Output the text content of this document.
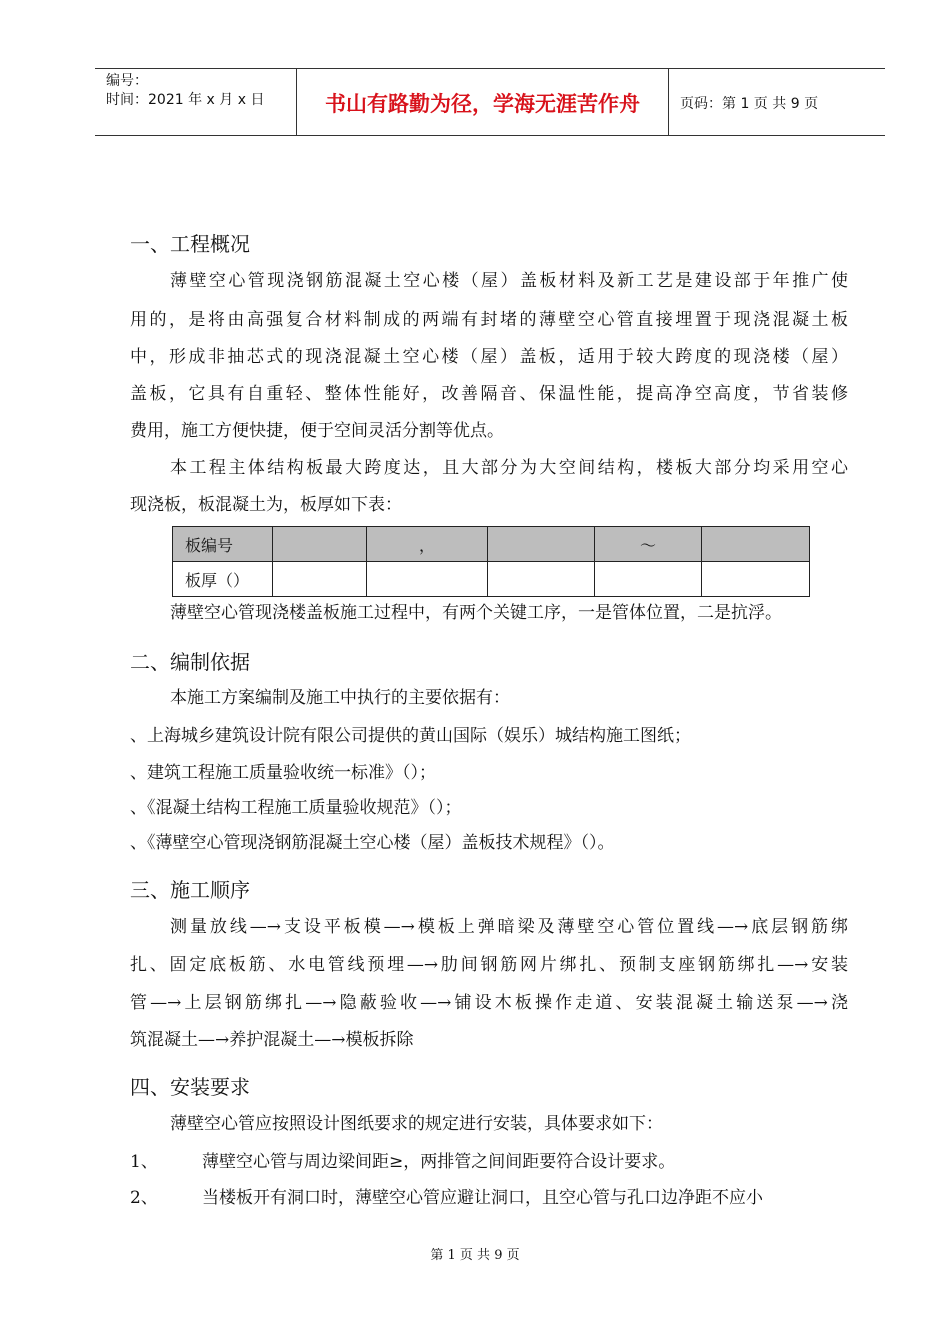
编号：
时间：2021 年 x 月 x 日	书山有路勤为径，学海无涯苦作舟	页码：第 1 页 共 9 页
一、工程概况
薄壁空心管现浇钢筋混凝土空心楼（屋）盖板材料及新工艺是建设部于年推广使
用的，是将由高强复合材料制成的两端有封堵的薄壁空心管直接埋置于现浇混凝土板
中，形成非抽芯式的现浇混凝土空心楼（屋）盖板，适用于较大跨度的现浇楼（屋）
盖板，它具有自重轻、整体性能好，改善隔音、保温性能，提高净空高度，节省装修
费用，施工方便快捷，便于空间灵活分割等优点。
本工程主体结构板最大跨度达，且大部分为大空间结构，楼板大部分均采用空心
现浇板，板混凝土为，板厚如下表：
板编号		，		～	
板厚（）					
薄壁空心管现浇楼盖板施工过程中，有两个关键工序，一是管体位置，二是抗浮。
二、编制依据
本施工方案编制及施工中执行的主要依据有：
、上海城乡建筑设计院有限公司提供的黄山国际（娱乐）城结构施工图纸；
、建筑工程施工质量验收统一标准》（）；
、《混凝土结构工程施工质量验收规范》（）；
、《薄壁空心管现浇钢筋混凝土空心楼（屋）盖板技术规程》（）。
三、施工顺序
测量放线—→支设平板模—→模板上弹暗梁及薄壁空心管位置线—→底层钢筋绑
扎、固定底板筋、水电管线预埋—→肋间钢筋网片绑扎、预制支座钢筋绑扎—→安装
管—→上层钢筋绑扎—→隐蔽验收—→铺设木板操作走道、安装混凝土输送泵—→浇
筑混凝土—→养护混凝土—→模板拆除
四、安装要求
薄壁空心管应按照设计图纸要求的规定进行安装，具体要求如下：
1、	薄壁空心管与周边梁间距≥，两排管之间间距要符合设计要求。
2、	当楼板开有洞口时，薄壁空心管应避让洞口，且空心管与孔口边净距不应小
第 1 页 共 9 页
